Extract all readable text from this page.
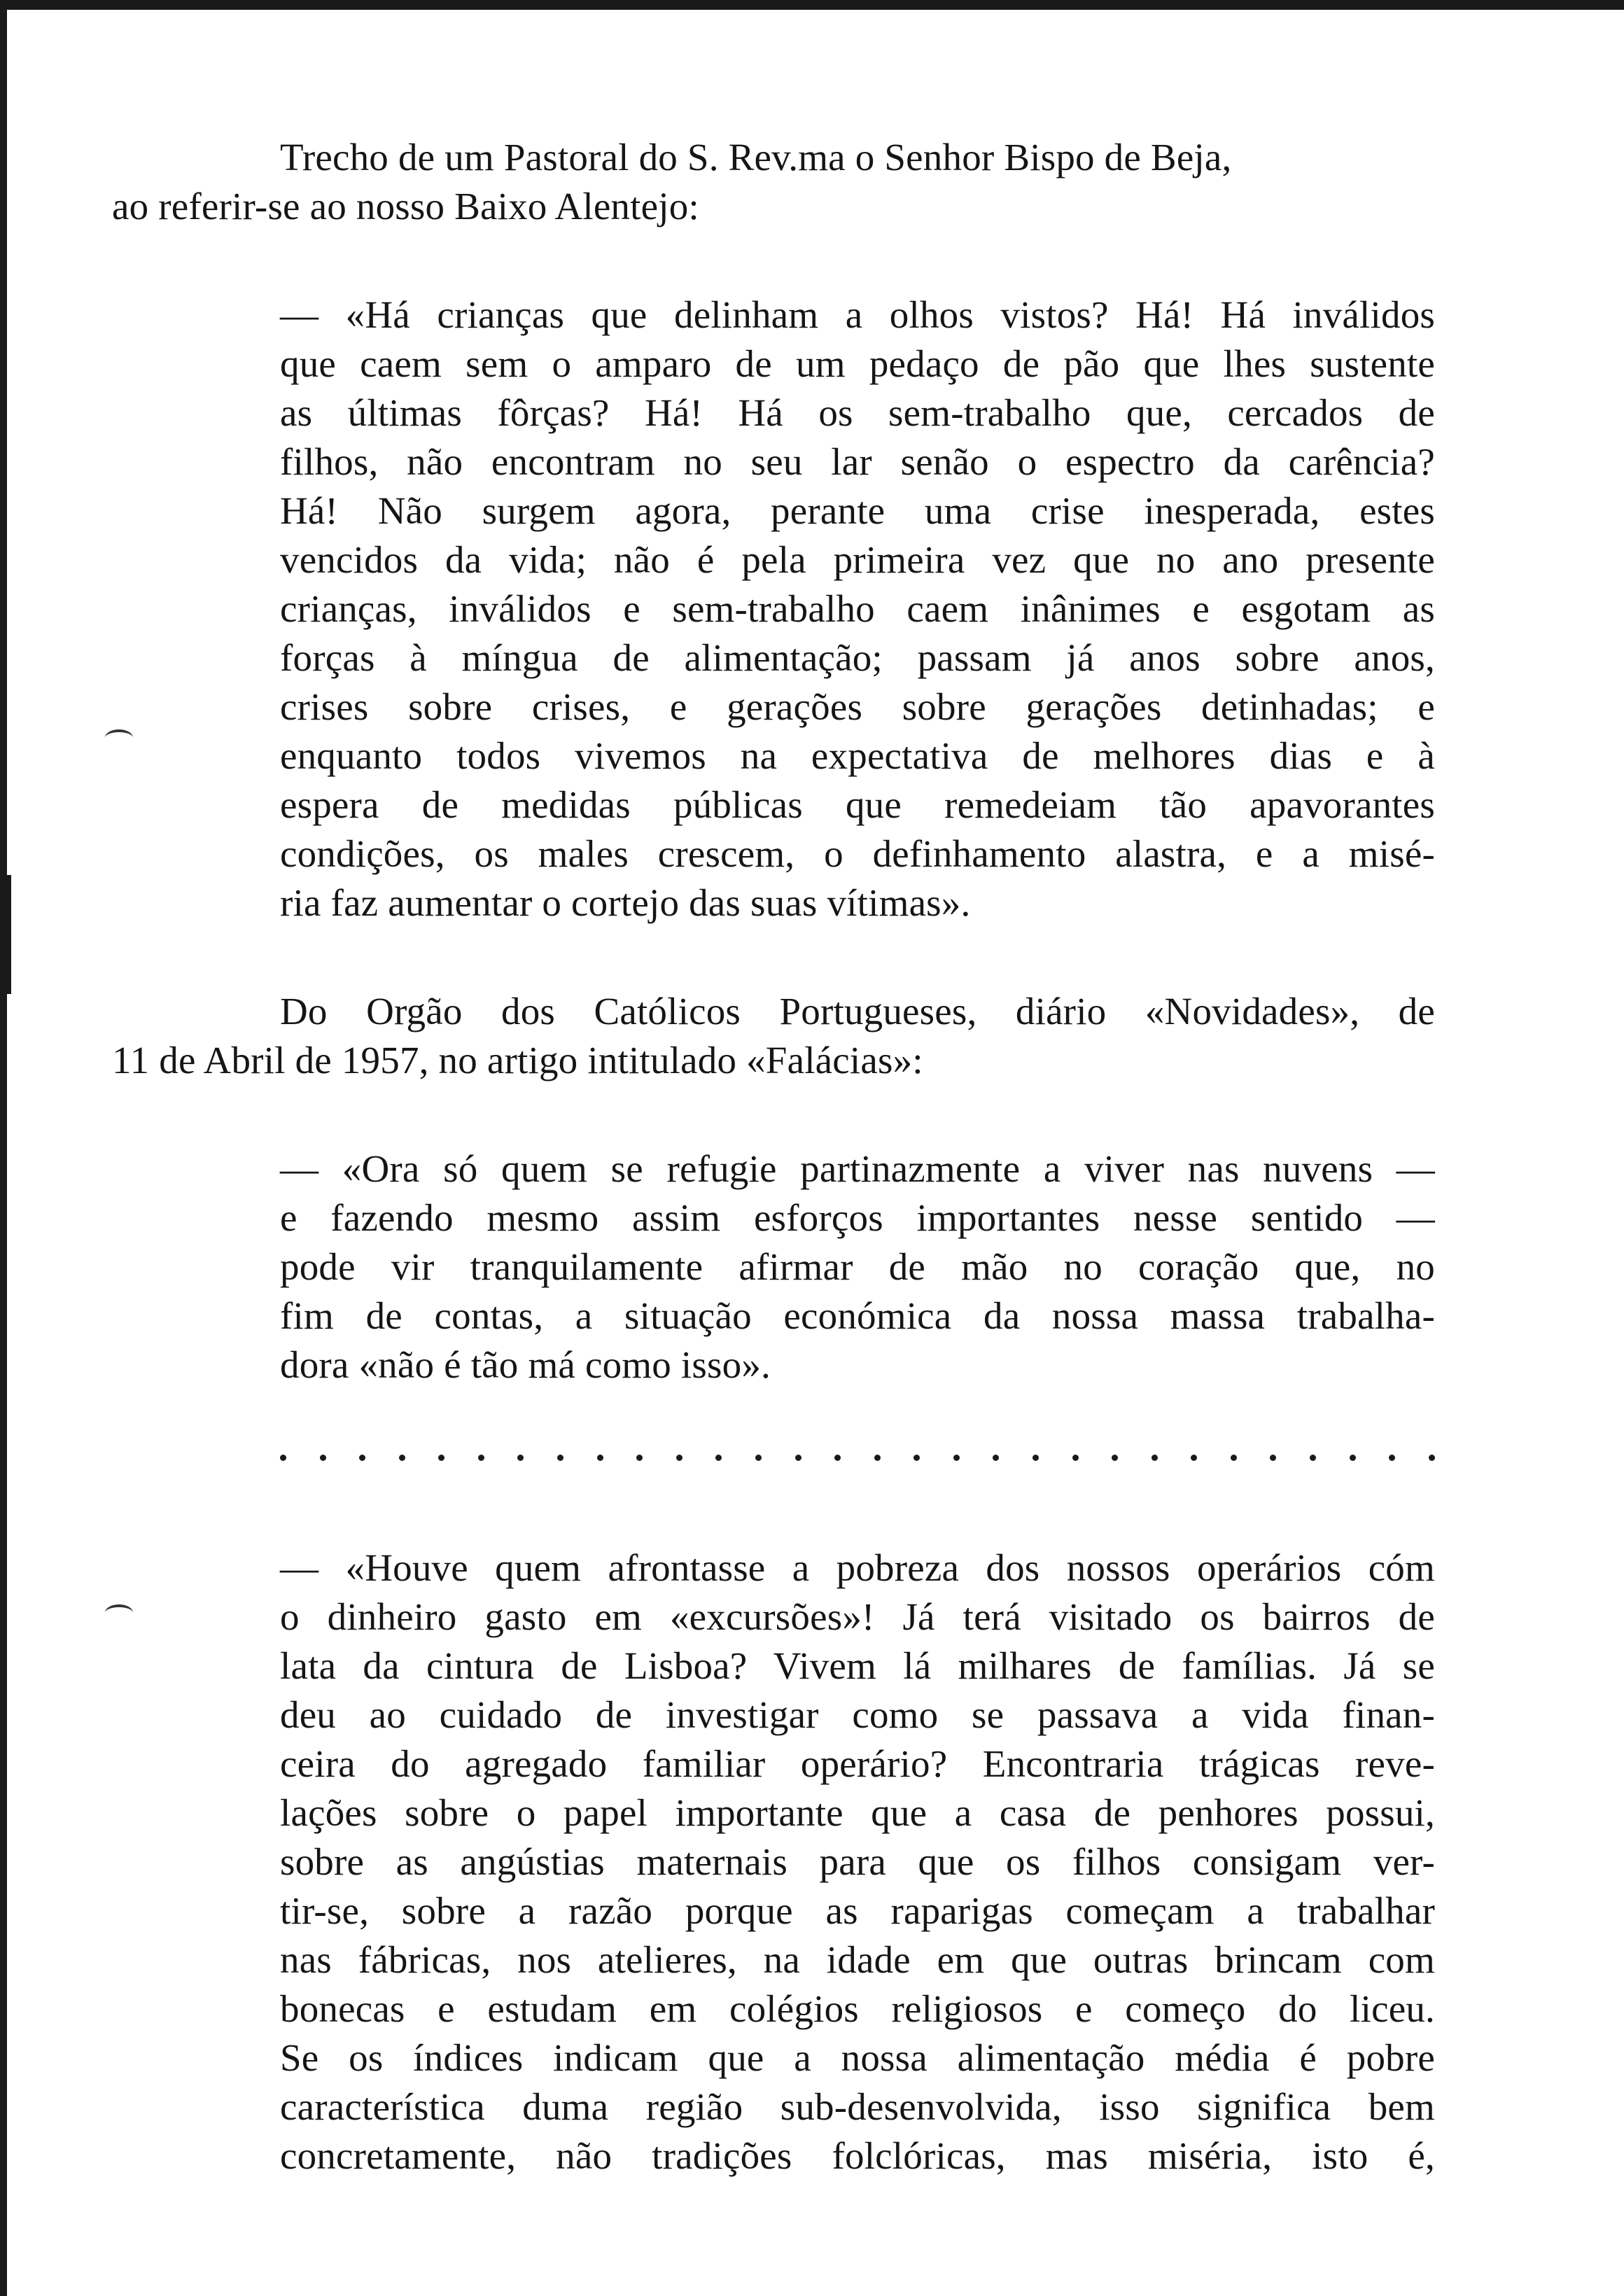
Trecho de um Pastoral do S. Rev.ma o Senhor Bispo de Beja,
ao referir-se ao nosso Baixo Alentejo:
— «Há crianças que delinham a olhos vistos? Há! Há inválidos
que caem sem o amparo de um pedaço de pão que lhes sustente
as últimas fôrças? Há! Há os sem-trabalho que, cercados de
filhos, não encontram no seu lar senão o espectro da carência?
Há! Não surgem agora, perante uma crise inesperada, estes
vencidos da vida; não é pela primeira vez que no ano presente
crianças, inválidos e sem-trabalho caem inânimes e esgotam as
forças à míngua de alimentação; passam já anos sobre anos,
crises sobre crises, e gerações sobre gerações detinhadas; e
enquanto todos vivemos na expectativa de melhores dias e à
espera de medidas públicas que remedeiam tão apavorantes
condições, os males crescem, o definhamento alastra, e a misé-
ria faz aumentar o cortejo das suas vítimas».
Do Orgão dos Católicos Portugueses, diário «Novidades», de
11 de Abril de 1957, no artigo intitulado «Falácias»:
— «Ora só quem se refugie partinazmente a viver nas nuvens —
e fazendo mesmo assim esforços importantes nesse sentido —
pode vir tranquilamente afirmar de mão no coração que, no
fim de contas, a situação económica da nossa massa trabalha-
dora «não é tão má como isso».
— «Houve quem afrontasse a pobreza dos nossos operários cóm
o dinheiro gasto em «excursões»! Já terá visitado os bairros de
lata da cintura de Lisboa? Vivem lá milhares de famílias. Já se
deu ao cuidado de investigar como se passava a vida finan-
ceira do agregado familiar operário? Encontraria trágicas reve-
lações sobre o papel importante que a casa de penhores possui,
sobre as angústias maternais para que os filhos consigam ver-
tir-se, sobre a razão porque as raparigas começam a trabalhar
nas fábricas, nos atelieres, na idade em que outras brincam com
bonecas e estudam em colégios religiosos e começo do liceu.
Se os índices indicam que a nossa alimentação média é pobre
característica duma região sub-desenvolvida, isso significa bem
concretamente, não tradições folclóricas, mas miséria, isto é,
